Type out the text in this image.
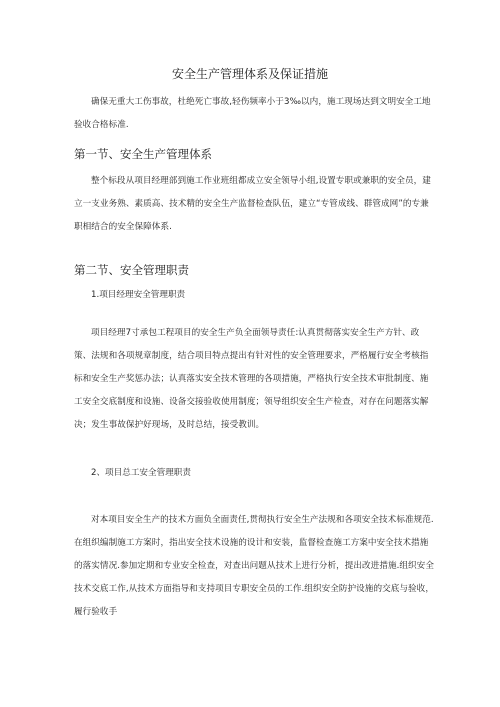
安全生产管理体系及保证措施

确保无重大工伤事故，杜绝死亡事故,轻伤频率小于3‰以内，施工现场达到文明安全工地验收合格标准.

第一节、安全生产管理体系

整个标段从项目经理部到施工作业班组都成立安全领导小组,设置专职或兼职的安全员，建立一支业务熟、素质高、技术精的安全生产监督检查队伍，建立“专管成线、群管成网”的专兼职相结合的安全保障体系.

第二节、安全管理职责

1.项目经理安全管理职责

项目经理7寸承包工程项目的安全生产负全面领导责任:认真贯彻落实安全生产方针、政策、法规和各项规章制度，结合项目特点提出有针对性的安全管理要求，严格履行安全考核指标和安全生产奖惩办法；认真落实安全技术管理的各项措施，严格执行安全技术审批制度、施工安全交底制度和设施、设备交接验收使用制度；领导组织安全生产检查，对存在问题落实解决；发生事故保护好现场，及时总结，接受教训。

2、项目总工安全管理职责

对本项目安全生产的技术方面负全面责任,贯彻执行安全生产法规和各项安全技术标准规范.在组织编制施工方案时，指出安全技术设施的设计和安装，监督检查施工方案中安全技术措施的落实情况.参加定期和专业安全检查，对查出问题从技术上进行分析，提出改进措施.组织安全技术交底工作,从技术方面指导和支持项目专职安全员的工作.组织安全防护设施的交底与验收，履行验收手
